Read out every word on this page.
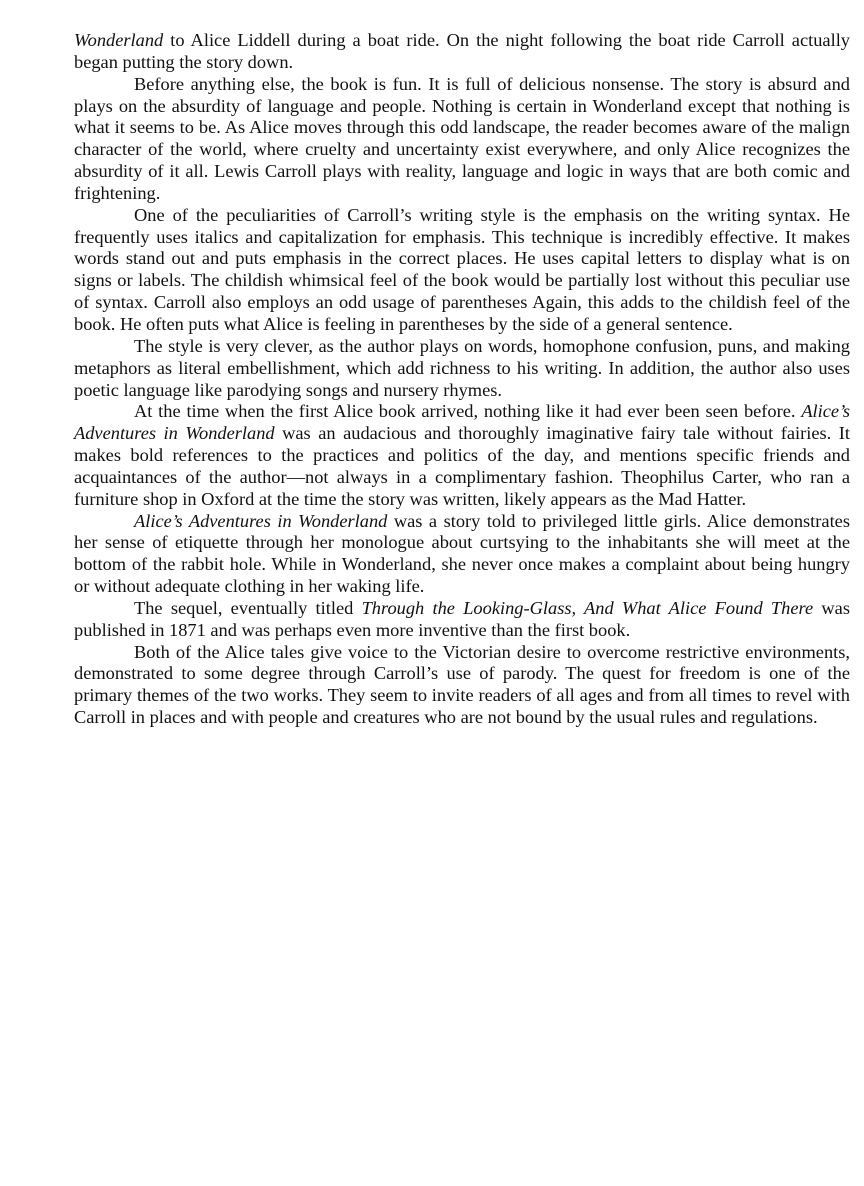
Wonderland to Alice Liddell during a boat ride. On the night following the boat ride Carroll actually began putting the story down.

Before anything else, the book is fun. It is full of delicious nonsense. The story is absurd and plays on the absurdity of language and people. Nothing is certain in Wonderland except that nothing is what it seems to be. As Alice moves through this odd landscape, the reader becomes aware of the malign character of the world, where cruelty and uncertainty exist everywhere, and only Alice recognizes the absurdity of it all. Lewis Carroll plays with reality, language and logic in ways that are both comic and frightening.

One of the peculiarities of Carroll’s writing style is the emphasis on the writing syntax. He frequently uses italics and capitalization for emphasis. This technique is incredibly effective. It makes words stand out and puts emphasis in the correct places. He uses capital letters to display what is on signs or labels. The childish whimsical feel of the book would be partially lost without this peculiar use of syntax. Carroll also employs an odd usage of parentheses Again, this adds to the childish feel of the book. He often puts what Alice is feeling in parentheses by the side of a general sentence.

The style is very clever, as the author plays on words, homophone confusion, puns, and making metaphors as literal embellishment, which add richness to his writing. In addition, the author also uses poetic language like parodying songs and nursery rhymes.

At the time when the first Alice book arrived, nothing like it had ever been seen before. Alice’s Adventures in Wonderland was an audacious and thoroughly imaginative fairy tale without fairies. It makes bold references to the practices and politics of the day, and mentions specific friends and acquaintances of the author—not always in a complimentary fashion. Theophilus Carter, who ran a furniture shop in Oxford at the time the story was written, likely appears as the Mad Hatter.

Alice’s Adventures in Wonderland was a story told to privileged little girls. Alice demonstrates her sense of etiquette through her monologue about curtsying to the inhabitants she will meet at the bottom of the rabbit hole. While in Wonderland, she never once makes a complaint about being hungry or without adequate clothing in her waking life.

The sequel, eventually titled Through the Looking-Glass, And What Alice Found There was published in 1871 and was perhaps even more inventive than the first book.

Both of the Alice tales give voice to the Victorian desire to overcome restrictive environments, demonstrated to some degree through Carroll’s use of parody. The quest for freedom is one of the primary themes of the two works. They seem to invite readers of all ages and from all times to revel with Carroll in places and with people and creatures who are not bound by the usual rules and regulations.
